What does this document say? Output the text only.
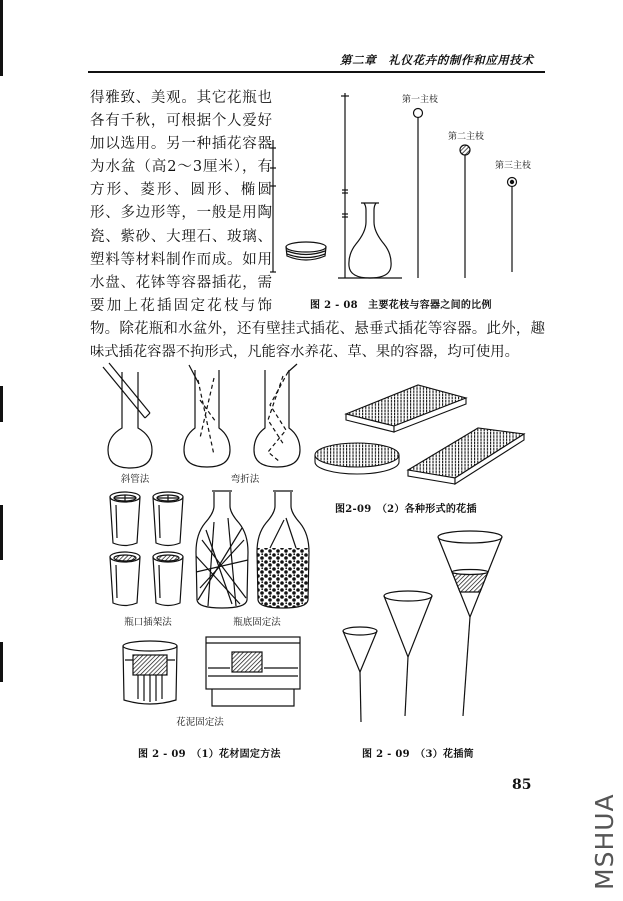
第二章　礼仪花卉的制作和应用技术
得雅致、美观。其它花瓶也
各有千秋，可根据个人爱好
加以选用。另一种插花容器
为水盆（高2～3厘米），有
方形、菱形、圆形、椭圆
形、多边形等，一般是用陶
瓷、紫砂、大理石、玻璃、
塑料等材料制作而成。如用
水盘、花钵等容器插花，需
要加上花插固定花枝与饰
物。除花瓶和水盆外，还有壁挂式插花、悬垂式插花等容器。此外，趣
味式插花容器不拘形式，凡能容水养花、草、果的容器，均可使用。
第一主枝
第二主枝
第三主枝
斜管法	弯折法
瓶口插架法	瓶底固定法
花泥固定法
图 2 - 08　主要花枝与容器之间的比例
图2-09　（2）各种形式的花插
图 2 - 09　（1）花材固定方法	图 2 - 09　（3）花插筒
85
MSHUA
